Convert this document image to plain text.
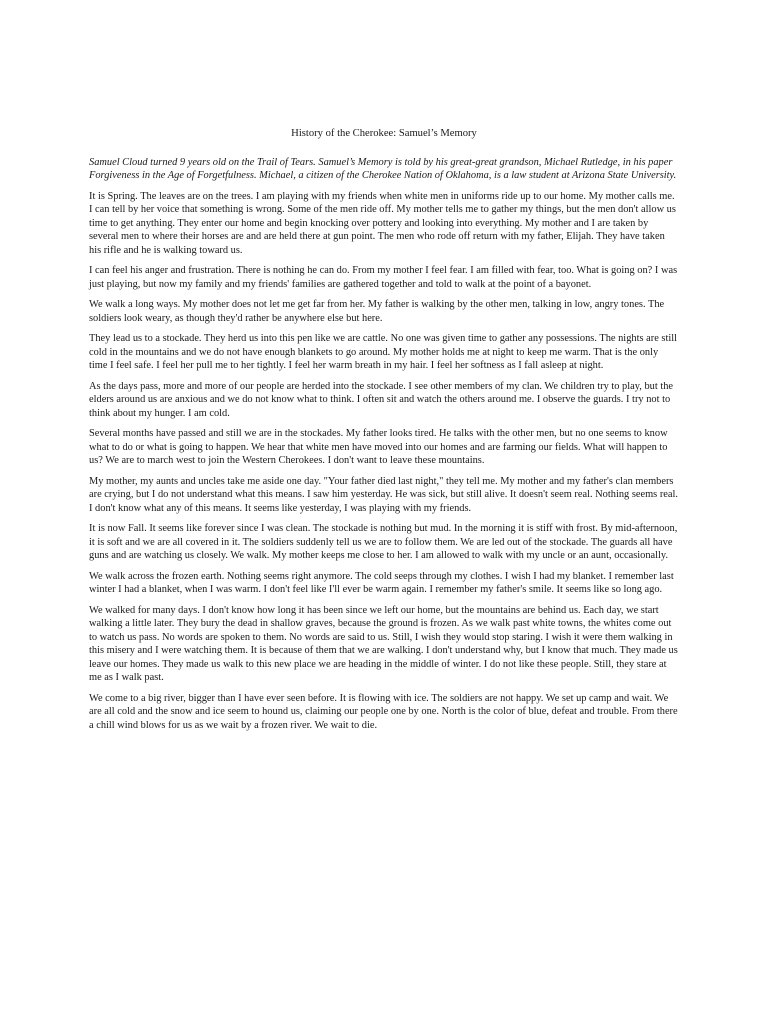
History of the Cherokee: Samuel’s Memory
Samuel Cloud turned 9 years old on the Trail of Tears. Samuel’s Memory is told by his great-great grandson, Michael Rutledge, in his paper Forgiveness in the Age of Forgetfulness. Michael, a citizen of the Cherokee Nation of Oklahoma, is a law student at Arizona State University.
It is Spring. The leaves are on the trees. I am playing with my friends when white men in uniforms ride up to our home. My mother calls me. I can tell by her voice that something is wrong. Some of the men ride off. My mother tells me to gather my things, but the men don't allow us time to get anything. They enter our home and begin knocking over pottery and looking into everything. My mother and I are taken by several men to where their horses are and are held there at gun point. The men who rode off return with my father, Elijah. They have taken his rifle and he is walking toward us.
I can feel his anger and frustration. There is nothing he can do. From my mother I feel fear. I am filled with fear, too. What is going on? I was just playing, but now my family and my friends' families are gathered together and told to walk at the point of a bayonet.
We walk a long ways. My mother does not let me get far from her. My father is walking by the other men, talking in low, angry tones. The soldiers look weary, as though they'd rather be anywhere else but here.
They lead us to a stockade. They herd us into this pen like we are cattle. No one was given time to gather any possessions. The nights are still cold in the mountains and we do not have enough blankets to go around. My mother holds me at night to keep me warm. That is the only time I feel safe. I feel her pull me to her tightly. I feel her warm breath in my hair. I feel her softness as I fall asleep at night.
As the days pass, more and more of our people are herded into the stockade. I see other members of my clan. We children try to play, but the elders around us are anxious and we do not know what to think. I often sit and watch the others around me. I observe the guards. I try not to think about my hunger. I am cold.
Several months have passed and still we are in the stockades. My father looks tired. He talks with the other men, but no one seems to know what to do or what is going to happen. We hear that white men have moved into our homes and are farming our fields. What will happen to us? We are to march west to join the Western Cherokees. I don't want to leave these mountains.
My mother, my aunts and uncles take me aside one day. "Your father died last night," they tell me. My mother and my father's clan members are crying, but I do not understand what this means. I saw him yesterday. He was sick, but still alive. It doesn't seem real. Nothing seems real. I don't know what any of this means. It seems like yesterday, I was playing with my friends.
It is now Fall. It seems like forever since I was clean. The stockade is nothing but mud. In the morning it is stiff with frost. By mid-afternoon, it is soft and we are all covered in it. The soldiers suddenly tell us we are to follow them. We are led out of the stockade. The guards all have guns and are watching us closely. We walk. My mother keeps me close to her. I am allowed to walk with my uncle or an aunt, occasionally.
We walk across the frozen earth. Nothing seems right anymore. The cold seeps through my clothes. I wish I had my blanket. I remember last winter I had a blanket, when I was warm. I don't feel like I'll ever be warm again. I remember my father's smile. It seems like so long ago.
We walked for many days. I don't know how long it has been since we left our home, but the mountains are behind us. Each day, we start walking a little later. They bury the dead in shallow graves, because the ground is frozen. As we walk past white towns, the whites come out to watch us pass. No words are spoken to them. No words are said to us. Still, I wish they would stop staring. I wish it were them walking in this misery and I were watching them. It is because of them that we are walking. I don't understand why, but I know that much. They made us leave our homes. They made us walk to this new place we are heading in the middle of winter. I do not like these people. Still, they stare at me as I walk past.
We come to a big river, bigger than I have ever seen before. It is flowing with ice. The soldiers are not happy. We set up camp and wait. We are all cold and the snow and ice seem to hound us, claiming our people one by one. North is the color of blue, defeat and trouble. From there a chill wind blows for us as we wait by a frozen river. We wait to die.
